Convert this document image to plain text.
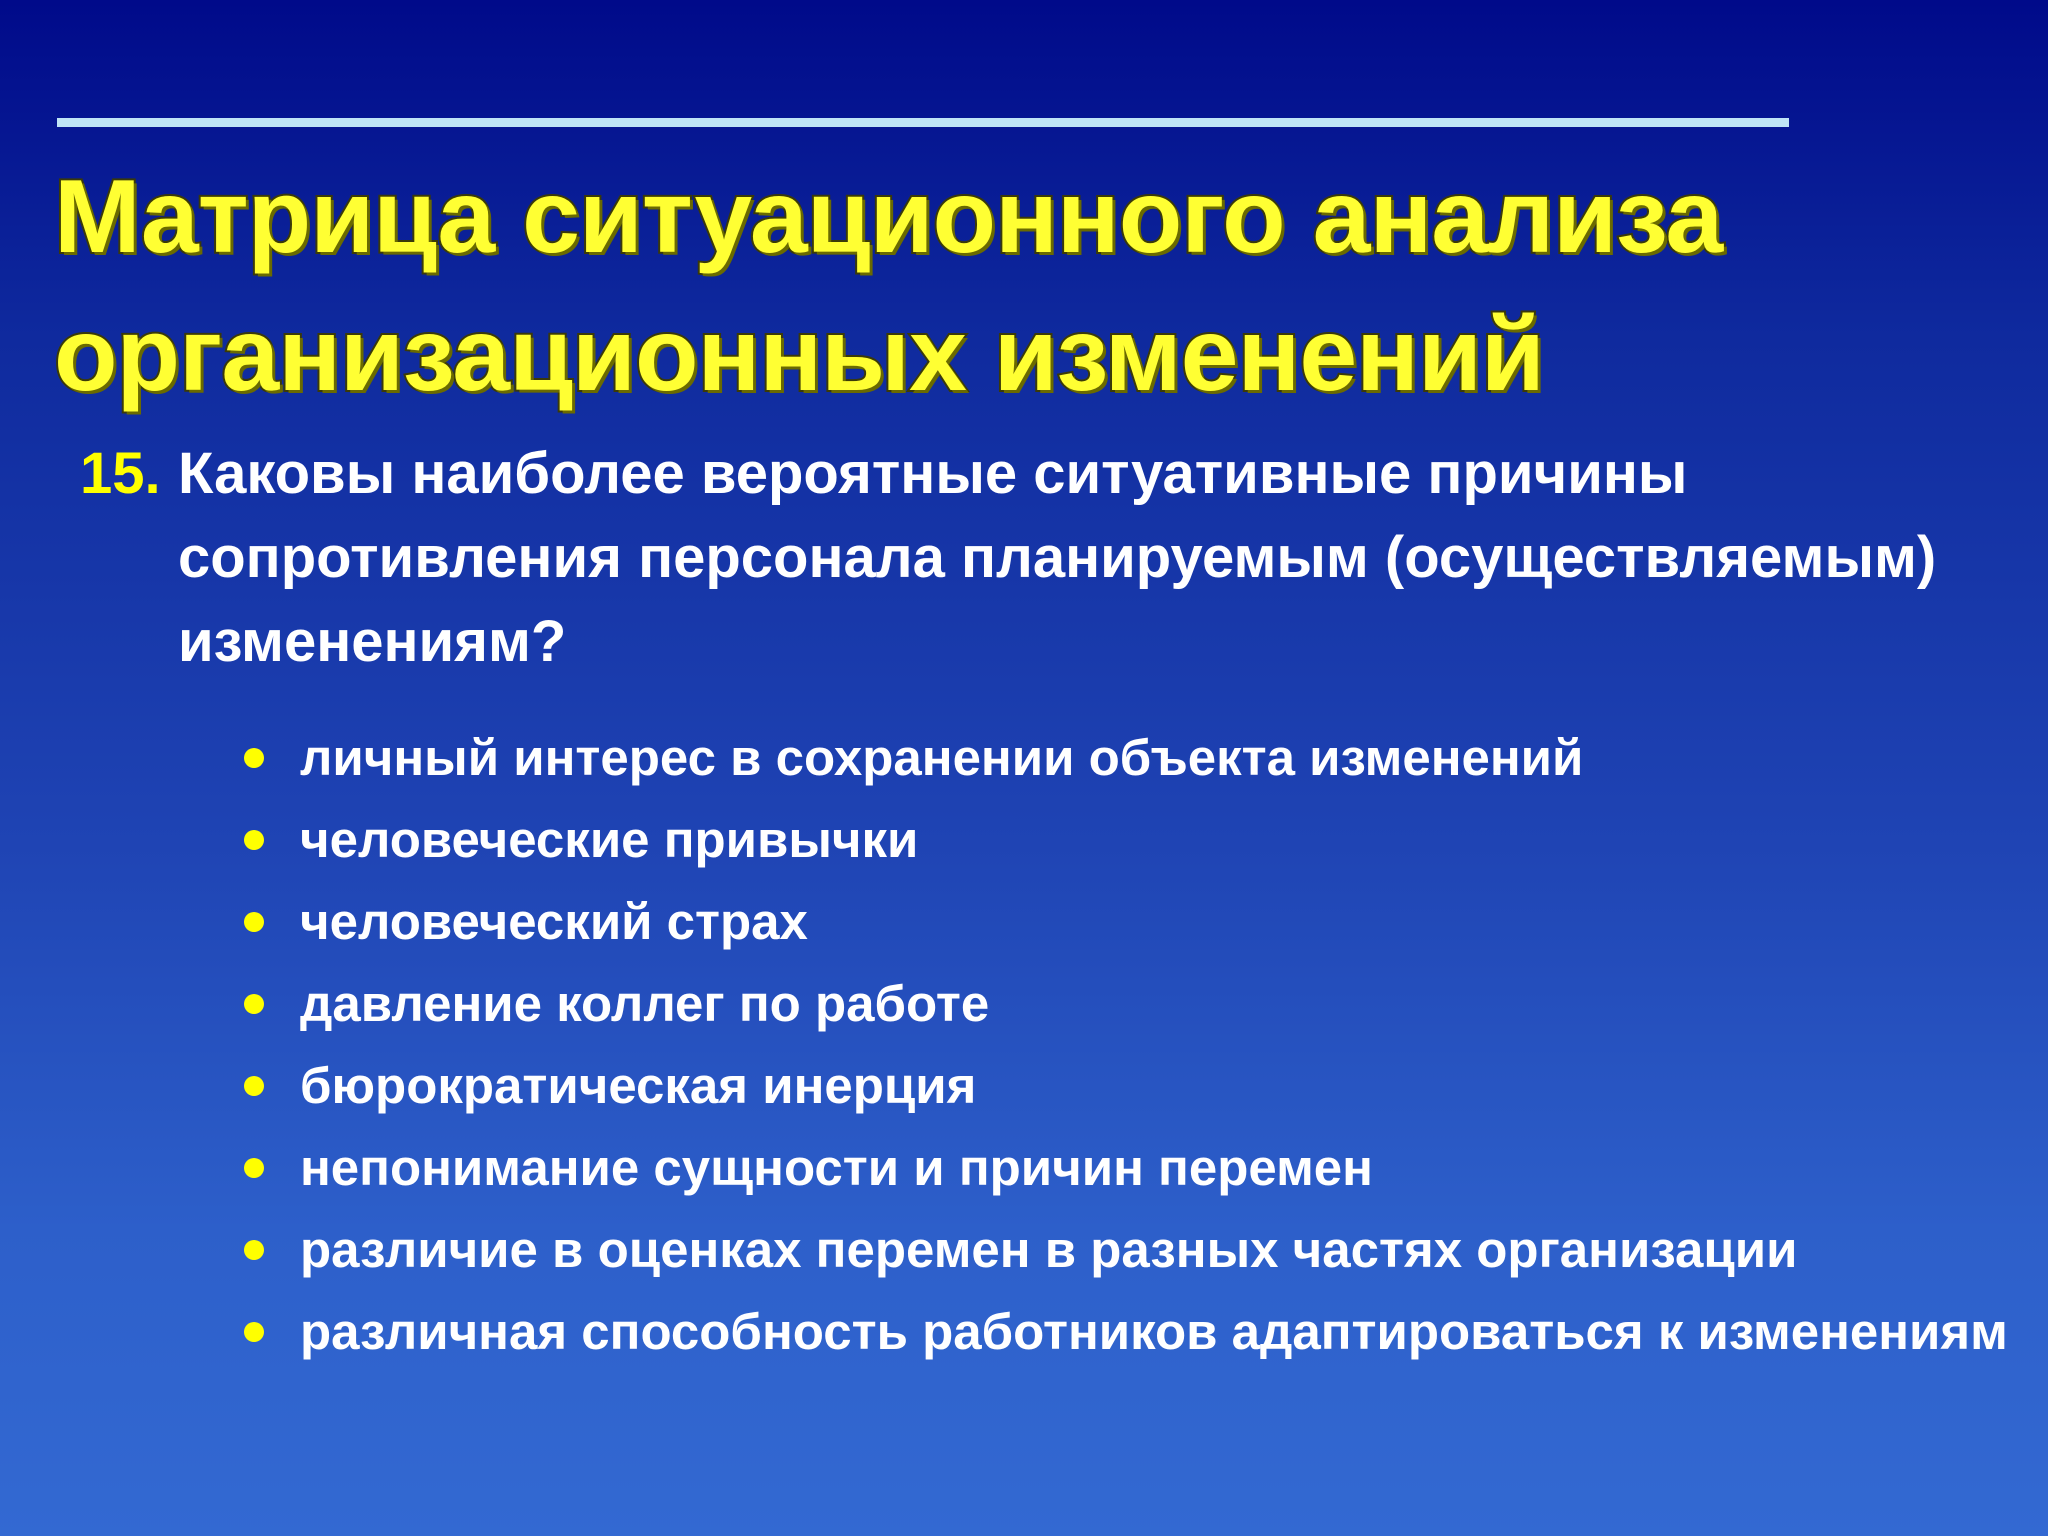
Матрица ситуационного анализа
организационных изменений
15. Каковы наиболее вероятные ситуативные причины сопротивления персонала планируемым (осуществляемым) изменениям?
личный интерес в сохранении объекта изменений
человеческие привычки
человеческий страх
давление коллег по работе
бюрократическая инерция
непонимание сущности и причин перемен
различие в оценках перемен в разных частях организации
различная способность работников адаптироваться к изменениям
